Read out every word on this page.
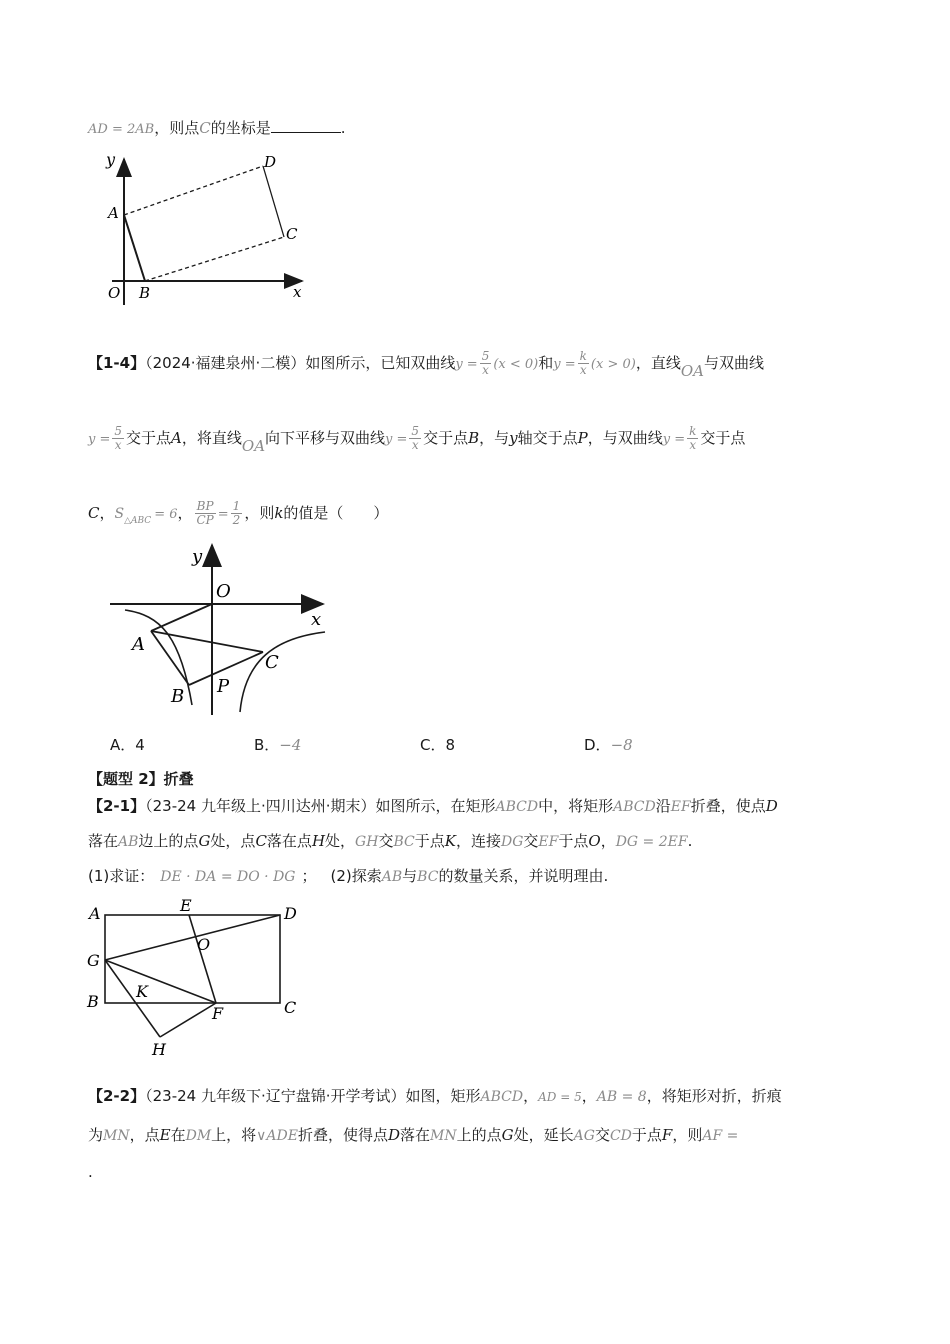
AD = 2AB，则点C的坐标是	.
y
A
D
C
O B	x
【1-4】（2024·福建泉州·二模）如图所示，已知双曲线$y = \frac{5}{x} (x < 0)$和$y = \frac{k}{x} (x > 0)$，直线OA与双曲线
$y = \frac{5}{x}$ 交于点A，将直线OA向下平移与双曲线$y = \frac{5}{x}$ 交于点B，与y轴交于点P，与双曲线$y = \frac{k}{x}$ 交于点
C，$S_{\triangle ABC} = 6$， $\frac{BP}{CP} = \frac{1}{2}$ ，则k的值是（　　）
y
O
x
A
C
P
B
A．4	B．−4	C．8	D．−8
【题型 2】折叠
【2-1】（23-24 九年级上·四川达州·期末）如图所示，在矩形ABCD中，将矩形ABCD沿EF折叠，使点D
落在AB边上的点G处，点C落在点H处，GH交BC于点K，连接DG交EF于点O，DG = 2EF.
(1)求证： DE · DA = DO · DG ； (2)探索AB与BC的数量关系，并说明理由.
A	E	D
O
G
K
B
F	C
H
【2-2】（23-24 九年级下·辽宁盘锦·开学考试）如图，矩形ABCD，AD = 5，AB = 8，将矩形对折，折痕
为MN，点E在DM上，将∨ADE折叠，使得点D落在MN上的点G处，延长AG交CD于点F，则AF =
.
